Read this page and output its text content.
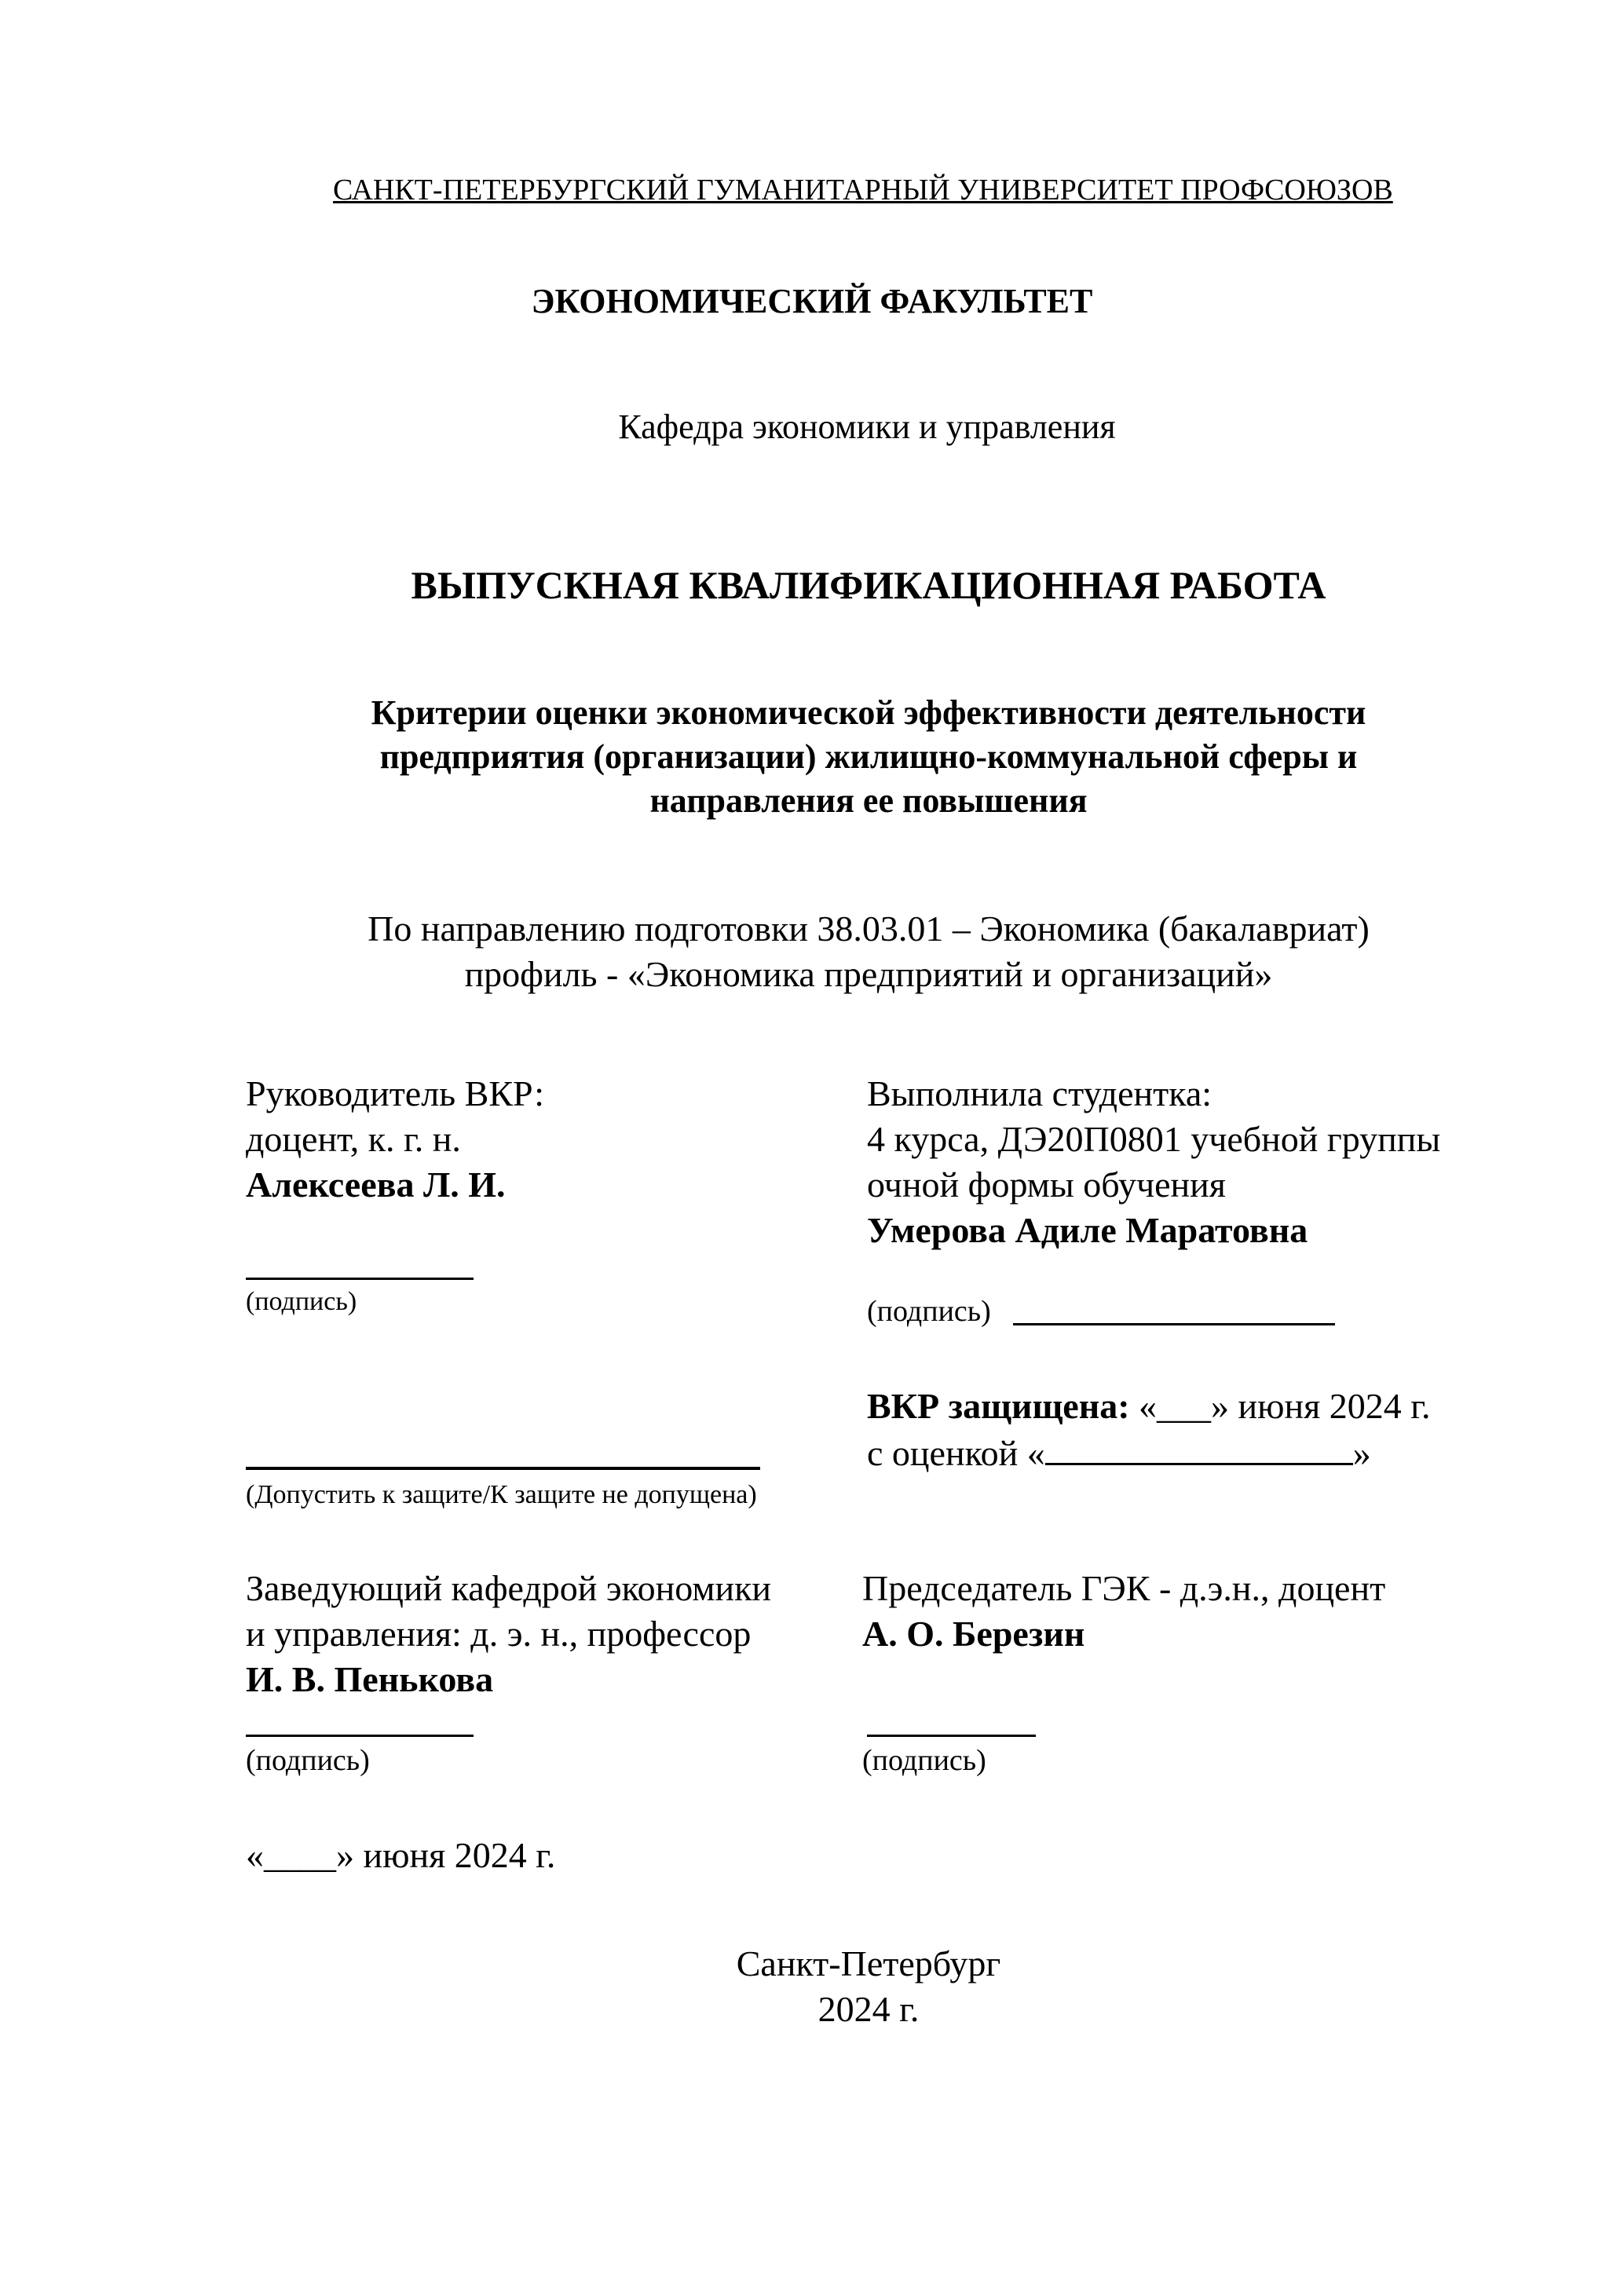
САНКТ-ПЕТЕРБУРГСКИЙ ГУМАНИТАРНЫЙ УНИВЕРСИТЕТ ПРОФСОЮЗОВ
ЭКОНОМИЧЕСКИЙ ФАКУЛЬТЕТ
Кафедра экономики и управления
ВЫПУСКНАЯ КВАЛИФИКАЦИОННАЯ РАБОТА
Критерии оценки экономической эффективности деятельности
предприятия (организации) жилищно-коммунальной сферы и
направления ее повышения
По направлению подготовки 38.03.01 – Экономика (бакалавриат)
профиль - «Экономика предприятий и организаций»
Руководитель ВКР:
доцент, к. г. н.
Алексеева Л. И.
(подпись)
(Допустить к защите/К защите не допущена)
Выполнила студентка:
4 курса, ДЭ20П0801 учебной группы
очной формы обучения
Умерова Адиле Маратовна
(подпись)
ВКР защищена: «___» июня 2024 г.
с оценкой «	»
Заведующий кафедрой экономики
и управления: д. э. н., профессор
И. В. Пенькова
(подпись)
Председатель ГЭК - д.э.н., доцент
А. О. Березин
(подпись)
«____» июня 2024 г.
Санкт-Петербург
2024 г.
